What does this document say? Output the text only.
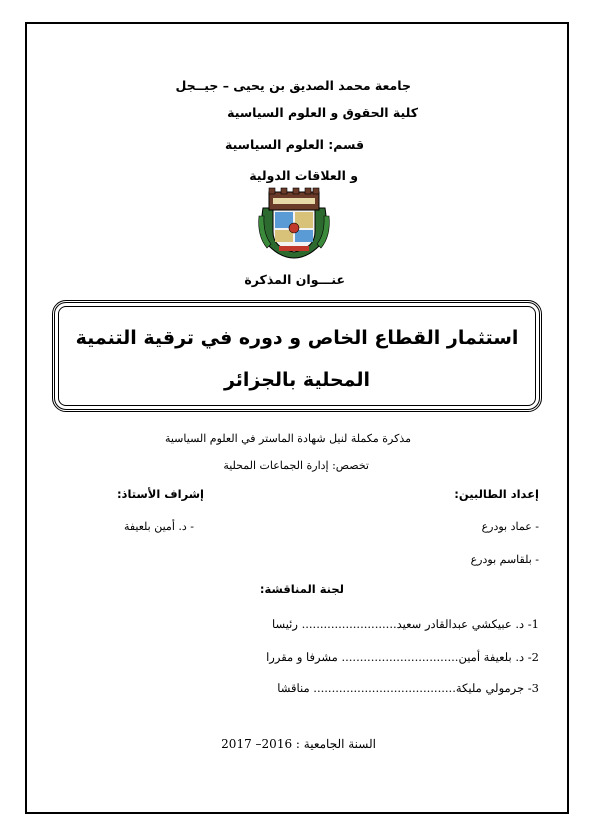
جامعة محمد الصديق بن يحيى – جيــجل
كلية الحقوق و العلوم السياسية
قسم: العلوم السياسية
و العلاقات الدولية
عنـــوان المذكرة
استثمار القطاع الخاص و دوره في ترقية التنمية
المحلية بالجزائر
مذكرة مكملة لنيل شهادة الماستر في العلوم السياسية
تخصص: إدارة الجماعات المحلية
إعداد الطالبين:
إشراف الأستاذ:
- عماد بودرع
- بلقاسم بودرع
- د. أمين بلعيفة
لجنة المناقشة:
1- د. عبيكشي عبدالقادر سعيد.......................... رئيسا
2- د. بلعيفة أمين................................ مشرفا و مقررا
3- جرمولي مليكة....................................... مناقشا
السنة الجامعية : 2016– 2017
